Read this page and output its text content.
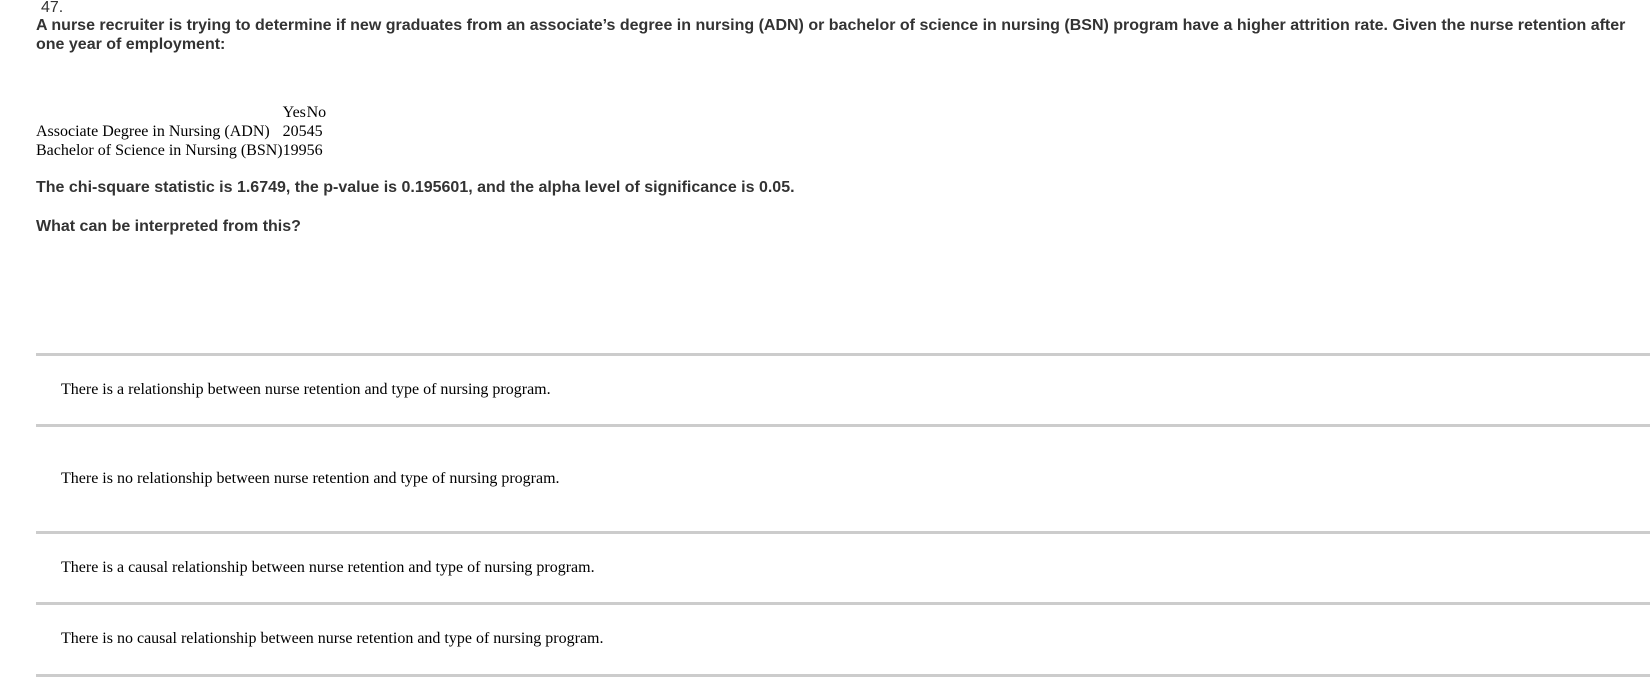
47.
A nurse recruiter is trying to determine if new graduates from an associate’s degree in nursing (ADN) or bachelor of science in nursing (BSN) program have a higher attrition rate. Given the nurse retention after one year of employment:
	Yes	No
Associate Degree in Nursing (ADN)	205	45
Bachelor of Science in Nursing (BSN)	199	56
The chi-square statistic is 1.6749, the p-value is 0.195601, and the alpha level of significance is 0.05.
What can be interpreted from this?
There is a relationship between nurse retention and type of nursing program.
There is no relationship between nurse retention and type of nursing program.
There is a causal relationship between nurse retention and type of nursing program.
There is no causal relationship between nurse retention and type of nursing program.
